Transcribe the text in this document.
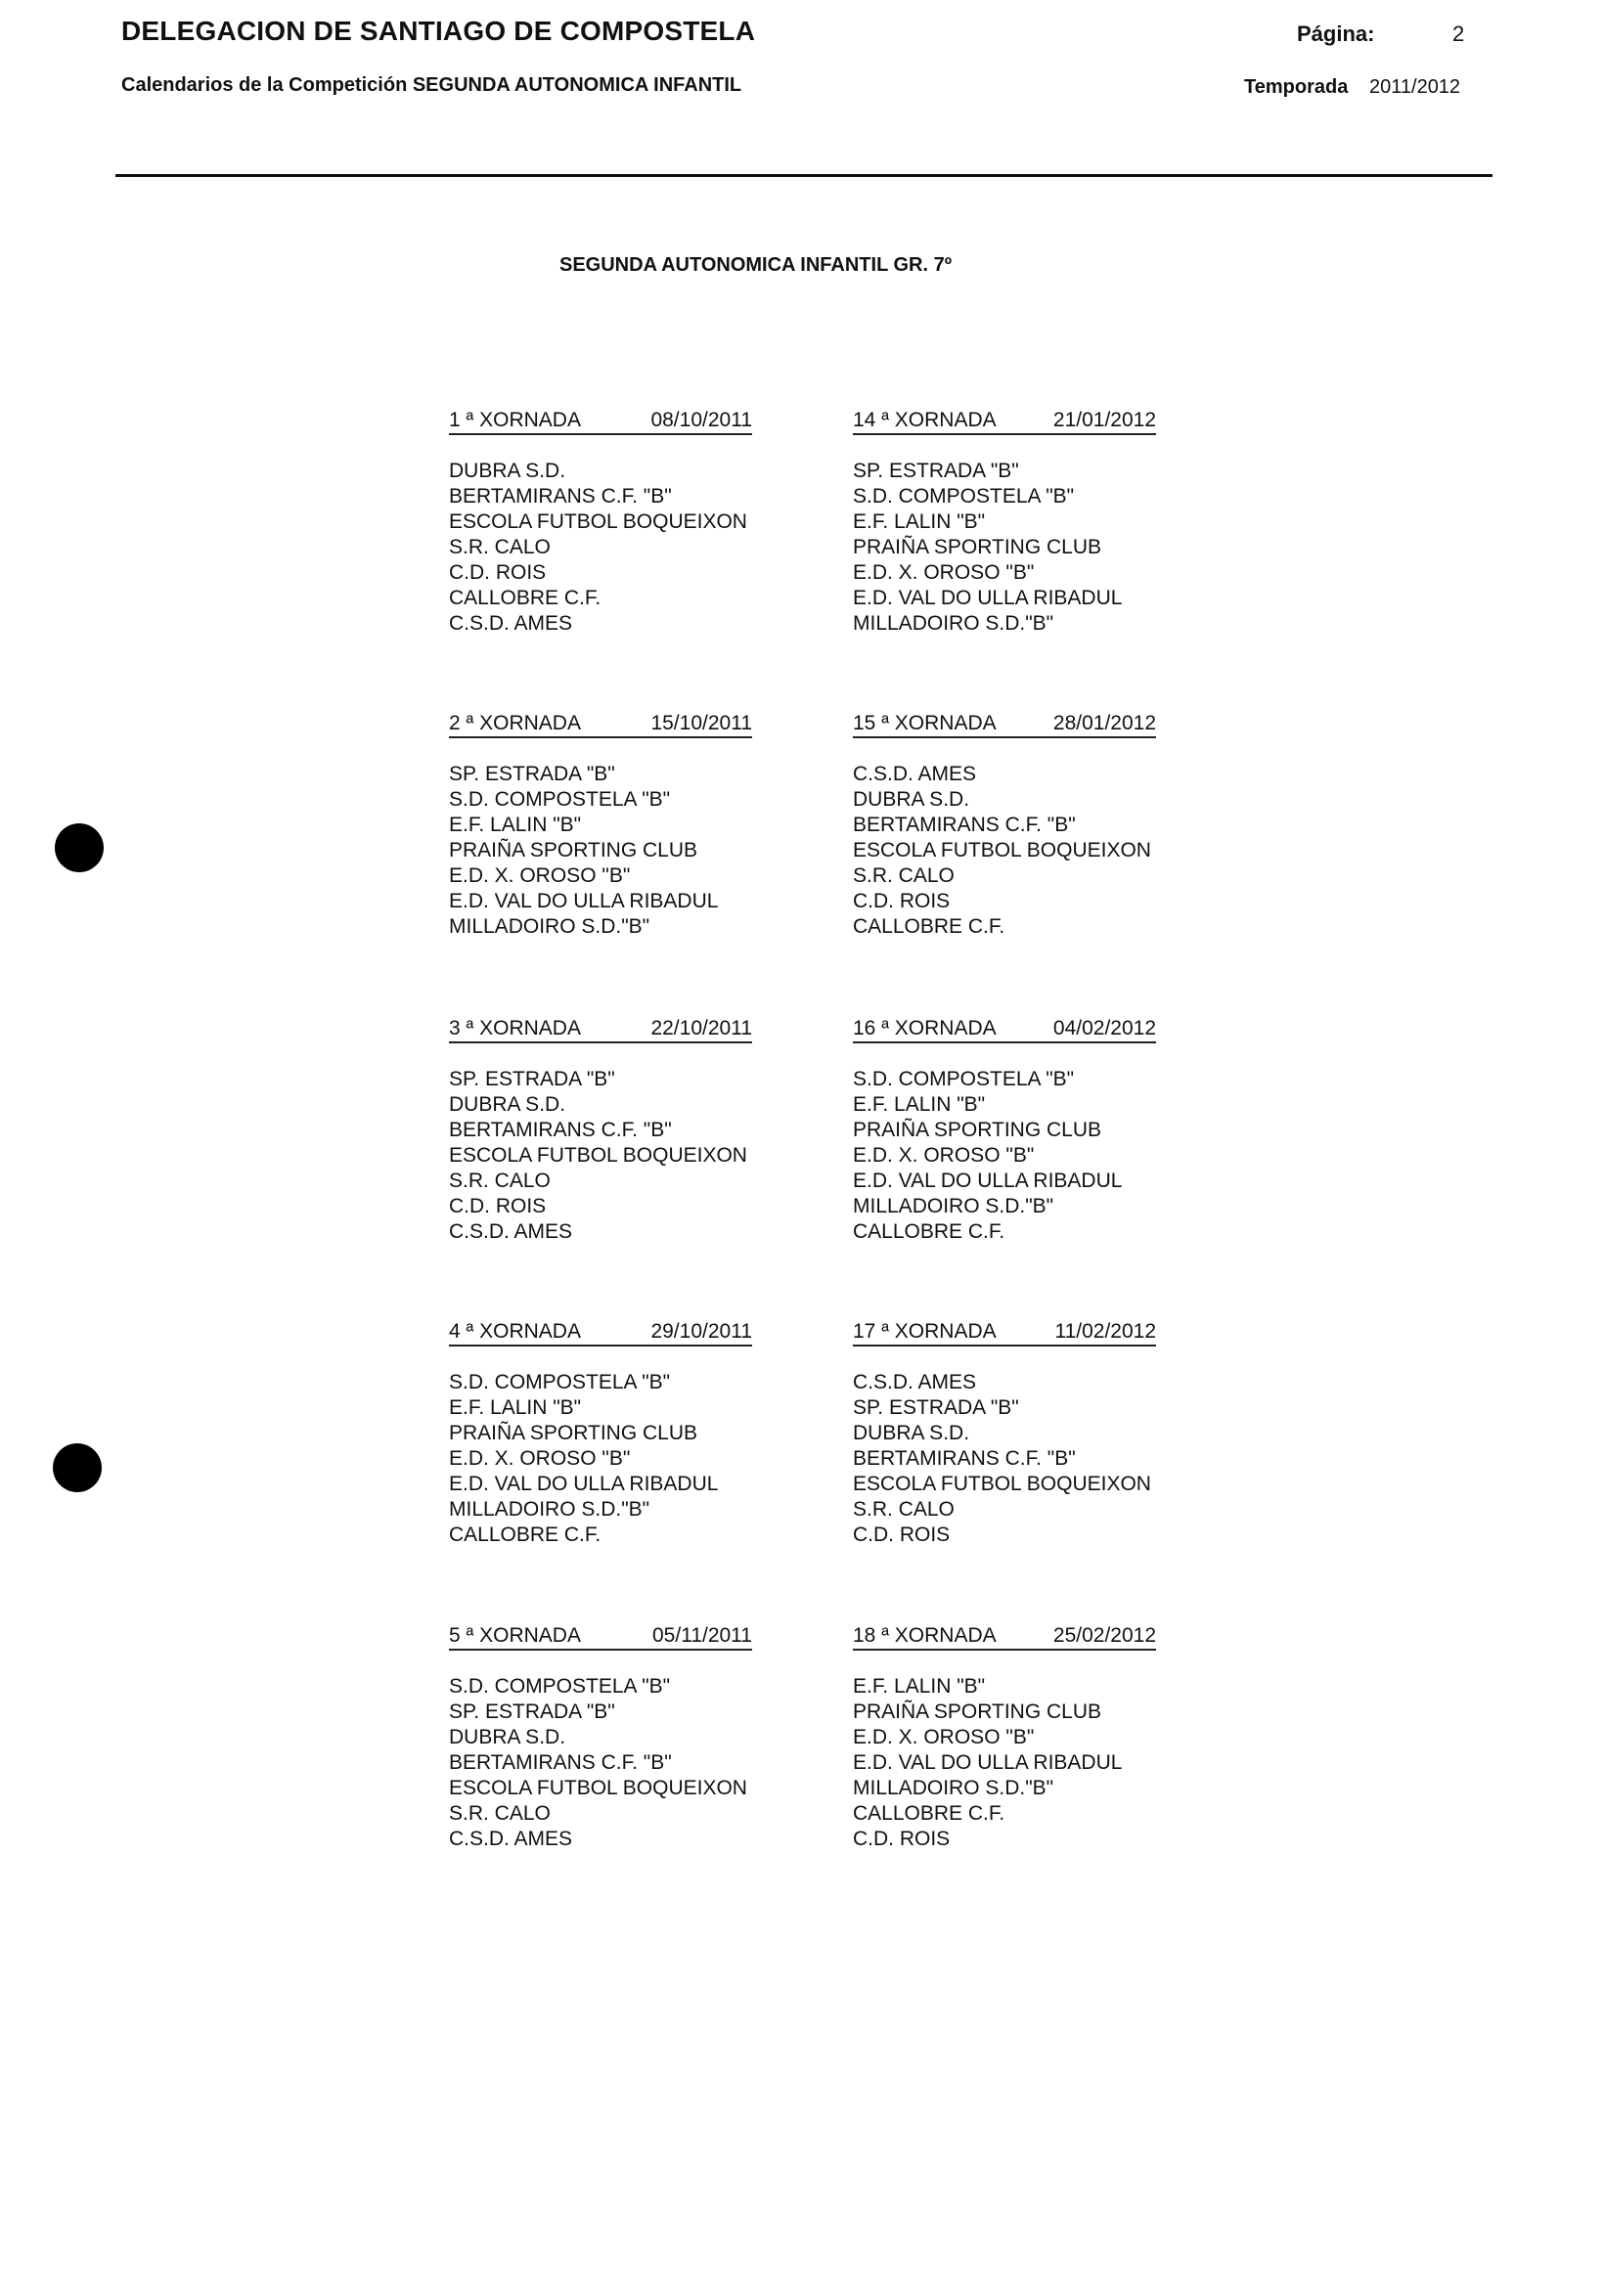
DELEGACION DE SANTIAGO DE COMPOSTELA
Calendarios de la Competición SEGUNDA AUTONOMICA INFANTIL
Página:	2
Temporada 2011/2012
SEGUNDA AUTONOMICA INFANTIL GR. 7º
1 ª XORNADA	08/10/2011
DUBRA S.D.
BERTAMIRANS C.F. "B"
ESCOLA FUTBOL BOQUEIXON
S.R. CALO
C.D. ROIS
CALLOBRE C.F.
C.S.D. AMES
14 ª XORNADA	21/01/2012
SP. ESTRADA "B"
S.D. COMPOSTELA "B"
E.F. LALIN "B"
PRAIÑA SPORTING CLUB
E.D. X. OROSO "B"
E.D. VAL DO ULLA RIBADUL
MILLADOIRO S.D."B"
2 ª XORNADA	15/10/2011
SP. ESTRADA "B"
S.D. COMPOSTELA "B"
E.F. LALIN "B"
PRAIÑA SPORTING CLUB
E.D. X. OROSO "B"
E.D. VAL DO ULLA RIBADUL
MILLADOIRO S.D."B"
15 ª XORNADA	28/01/2012
C.S.D. AMES
DUBRA S.D.
BERTAMIRANS C.F. "B"
ESCOLA FUTBOL BOQUEIXON
S.R. CALO
C.D. ROIS
CALLOBRE C.F.
3 ª XORNADA	22/10/2011
SP. ESTRADA "B"
DUBRA S.D.
BERTAMIRANS C.F. "B"
ESCOLA FUTBOL BOQUEIXON
S.R. CALO
C.D. ROIS
C.S.D. AMES
16 ª XORNADA	04/02/2012
S.D. COMPOSTELA "B"
E.F. LALIN "B"
PRAIÑA SPORTING CLUB
E.D. X. OROSO "B"
E.D. VAL DO ULLA RIBADUL
MILLADOIRO S.D."B"
CALLOBRE C.F.
4 ª XORNADA	29/10/2011
S.D. COMPOSTELA "B"
E.F. LALIN "B"
PRAIÑA SPORTING CLUB
E.D. X. OROSO "B"
E.D. VAL DO ULLA RIBADUL
MILLADOIRO S.D."B"
CALLOBRE C.F.
17 ª XORNADA	11/02/2012
C.S.D. AMES
SP. ESTRADA "B"
DUBRA S.D.
BERTAMIRANS C.F. "B"
ESCOLA FUTBOL BOQUEIXON
S.R. CALO
C.D. ROIS
5 ª XORNADA	05/11/2011
S.D. COMPOSTELA "B"
SP. ESTRADA "B"
DUBRA S.D.
BERTAMIRANS C.F. "B"
ESCOLA FUTBOL BOQUEIXON
S.R. CALO
C.S.D. AMES
18 ª XORNADA	25/02/2012
E.F. LALIN "B"
PRAIÑA SPORTING CLUB
E.D. X. OROSO "B"
E.D. VAL DO ULLA RIBADUL
MILLADOIRO S.D."B"
CALLOBRE C.F.
C.D. ROIS
